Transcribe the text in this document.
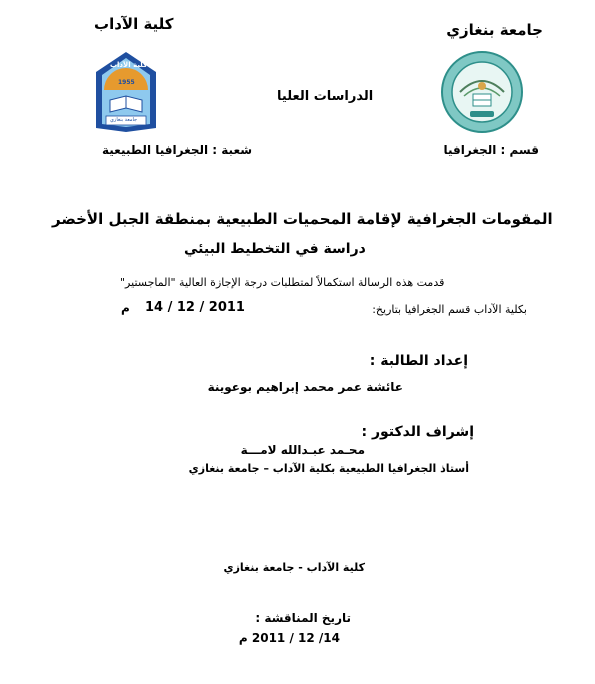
جامعة بنغازي
كلية الآداب
الدراسات العليا
قسم : الجغرافيا
شعبة : الجغرافيا الطبيعية
كلية الآداب
1955
جامعة بنغازي
المقومات الجغرافية لإقامة المحميات الطبيعية بمنطقة الجبل الأخضر
دراسة في التخطيط البيئي
قدمت هذه الرسالة استكمالاً لمتطلبات درجة الإجازة العالية "الماجستير"
بكلية الآداب قسم الجغرافيا بتاريخ:
14 / 12 / 2011
م
إعداد الطالبة :
عائشة عمر محمد إبراهيم بوعوينة
إشراف الدكتور :
محـمد عبـدالله لامـــة
أستاذ الجغرافيا الطبيعية بكلية الآداب – جامعة بنغازي
كلية الآداب - جامعة بنغازي
تاريخ المناقشة :
14/ 12 / 2011 م
